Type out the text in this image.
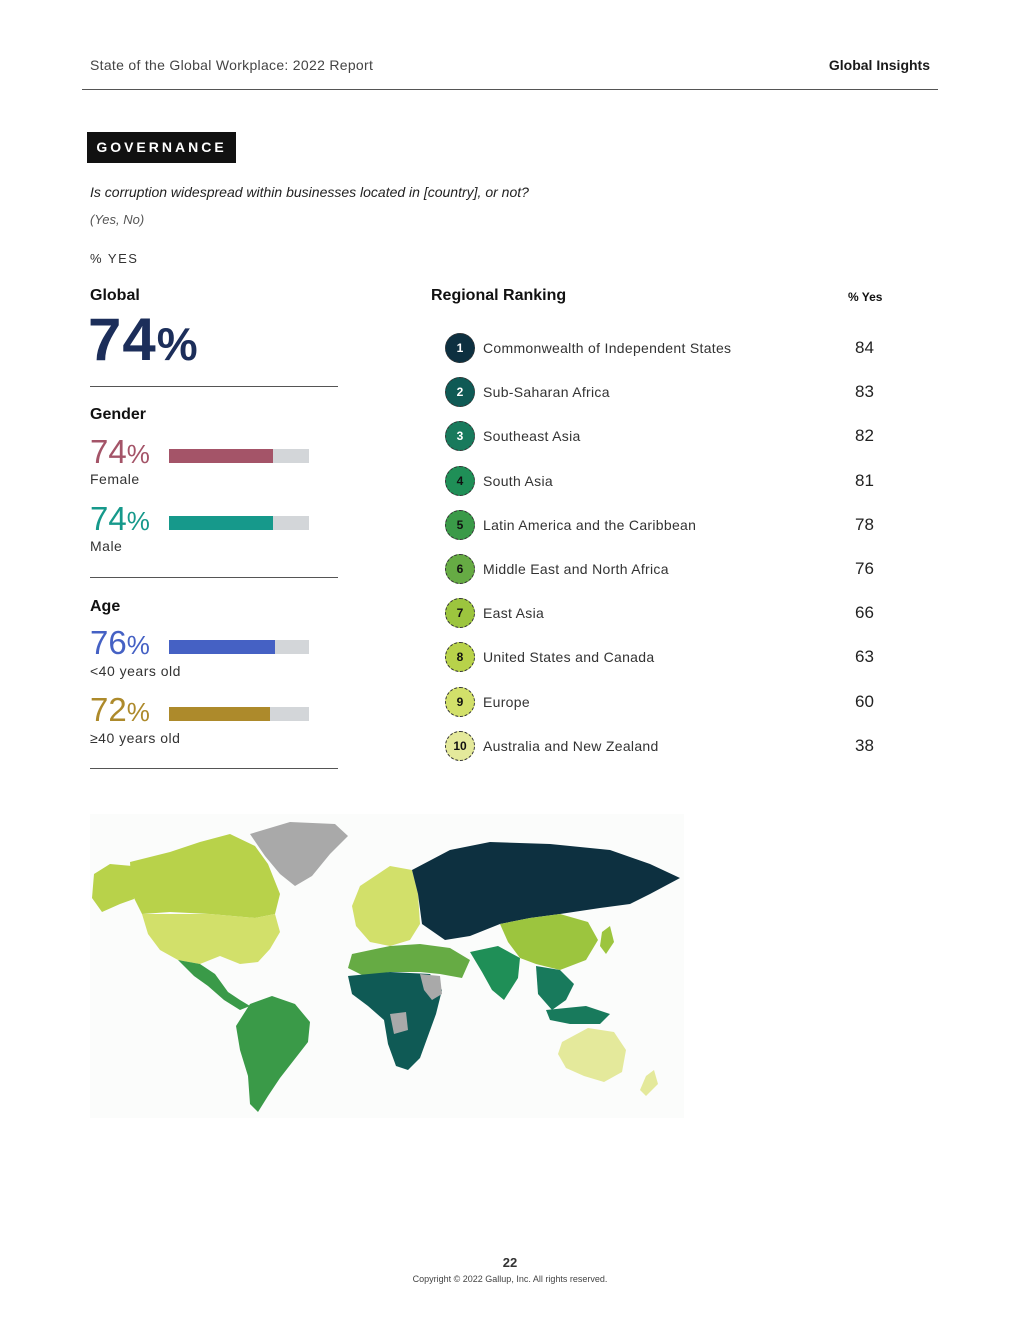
State of the Global Workplace: 2022 Report	Global Insights
GOVERNANCE
Is corruption widespread within businesses located in [country], or not?
(Yes, No)
% YES
Global
74%
Gender
74%
Female
74%
Male
Age
76%
<40 years old
72%
≥40 years old
Regional Ranking	% Yes
1	Commonwealth of Independent States	84
2	Sub-Saharan Africa	83
3	Southeast Asia	82
4	South Asia	81
5	Latin America and the Caribbean	78
6	Middle East and North Africa	76
7	East Asia	66
8	United States and Canada	63
9	Europe	60
10	Australia and New Zealand	38
22
Copyright © 2022 Gallup, Inc. All rights reserved.
